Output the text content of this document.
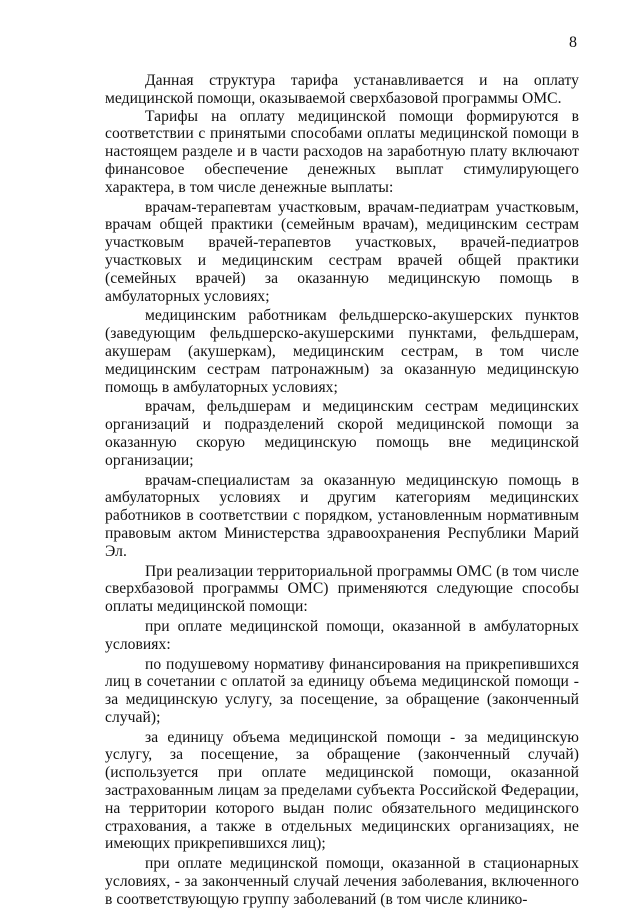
8

Данная структура тарифа устанавливается и на оплату медицинской помощи, оказываемой сверхбазовой программы ОМС.

Тарифы на оплату медицинской помощи формируются в соответствии с принятыми способами оплаты медицинской помощи в настоящем разделе и в части расходов на заработную плату включают финансовое обеспечение денежных выплат стимулирующего характера, в том числе денежные выплаты:

врачам-терапевтам участковым, врачам-педиатрам участковым, врачам общей практики (семейным врачам), медицинским сестрам участковым врачей-терапевтов участковых, врачей-педиатров участковых и медицинским сестрам врачей общей практики (семейных врачей) за оказанную медицинскую помощь в амбулаторных условиях;

медицинским работникам фельдшерско-акушерских пунктов (заведующим фельдшерско-акушерскими пунктами, фельдшерам, акушерам (акушеркам), медицинским сестрам, в том числе медицинским сестрам патронажным) за оказанную медицинскую помощь в амбулаторных условиях;

врачам, фельдшерам и медицинским сестрам медицинских организаций и подразделений скорой медицинской помощи за оказанную скорую медицинскую помощь вне медицинской организации;

врачам-специалистам за оказанную медицинскую помощь в амбулаторных условиях и другим категориям медицинских работников в соответствии с порядком, установленным нормативным правовым актом Министерства здравоохранения Республики Марий Эл.

При реализации территориальной программы ОМС (в том числе сверхбазовой программы ОМС) применяются следующие способы оплаты медицинской помощи:

при оплате медицинской помощи, оказанной в амбулаторных условиях:

по подушевому нормативу финансирования на прикрепившихся лиц в сочетании с оплатой за единицу объема медицинской помощи - за медицинскую услугу, за посещение, за обращение (законченный случай);

за единицу объема медицинской помощи - за медицинскую услугу, за посещение, за обращение (законченный случай) (используется при оплате медицинской помощи, оказанной застрахованным лицам за пределами субъекта Российской Федерации, на территории которого выдан полис обязательного медицинского страхования, а также в отдельных медицинских организациях, не имеющих прикрепившихся лиц);

при оплате медицинской помощи, оказанной в стационарных условиях, - за законченный случай лечения заболевания, включенного в соответствующую группу заболеваний (в том числе клинико-
